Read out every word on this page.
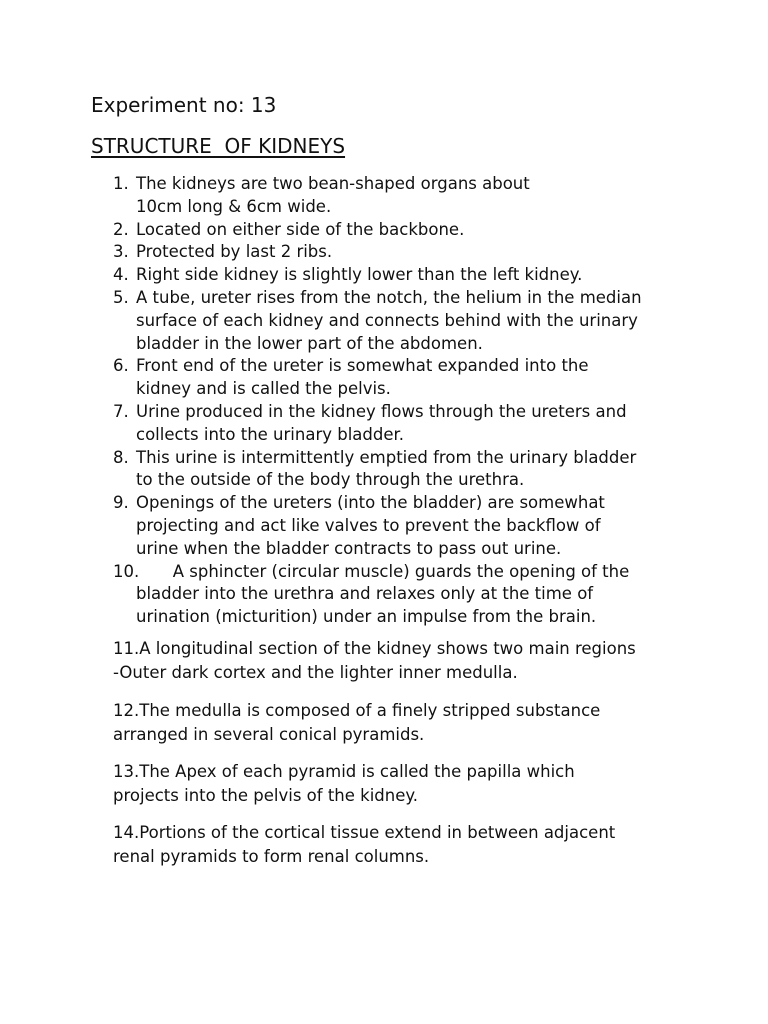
Experiment no: 13
STRUCTURE  OF KIDNEYS
1. The kidneys are two bean-shaped organs about
10cm long & 6cm wide.
2. Located on either side of the backbone.
3. Protected by last 2 ribs.
4. Right side kidney is slightly lower than the left kidney.
5. A tube, ureter rises from the notch, the helium in the median
surface of each kidney and connects behind with the urinary
bladder in the lower part of the abdomen.
6. Front end of the ureter is somewhat expanded into the
kidney and is called the pelvis.
7. Urine produced in the kidney flows through the ureters and
collects into the urinary bladder.
8. This urine is intermittently emptied from the urinary bladder
to the outside of the body through the urethra.
9. Openings of the ureters (into the bladder) are somewhat
projecting and act like valves to prevent the backflow of
urine when the bladder contracts to pass out urine.
10.	A sphincter (circular muscle) guards the opening of the
bladder into the urethra and relaxes only at the time of
urination (micturition) under an impulse from the brain.

11.A longitudinal section of the kidney shows two main regions
-Outer dark cortex and the lighter inner medulla.

12.The medulla is composed of a finely stripped substance
arranged in several conical pyramids.

13.The Apex of each pyramid is called the papilla which
projects into the pelvis of the kidney.

14.Portions of the cortical tissue extend in between adjacent
renal pyramids to form renal columns.
